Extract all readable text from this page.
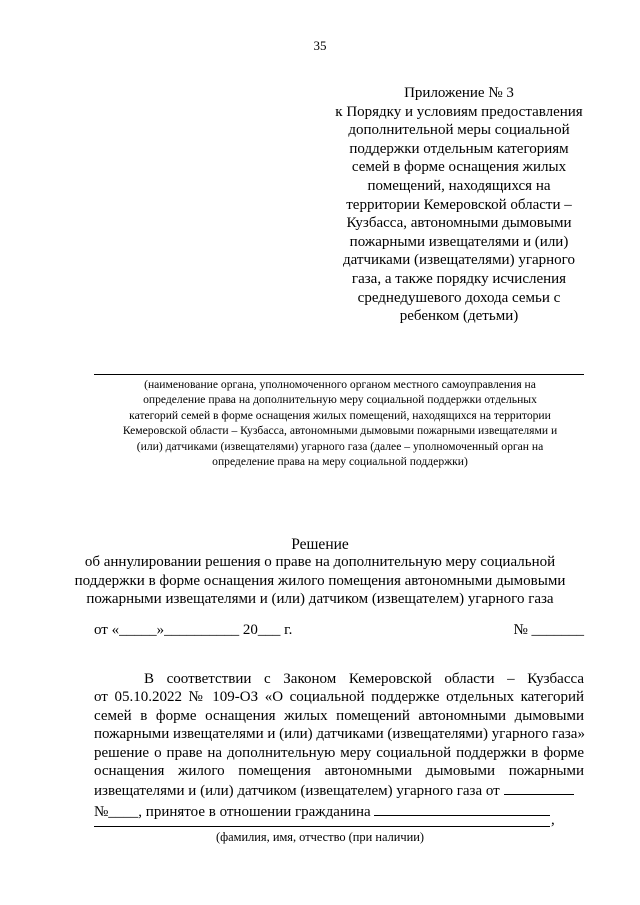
35
Приложение № 3
к Порядку и условиям предоставления
дополнительной меры социальной
поддержки отдельным категориям
семей в форме оснащения жилых
помещений, находящихся на
территории Кемеровской области –
Кузбасса, автономными дымовыми
пожарными извещателями и (или)
датчиками (извещателями) угарного
газа, а также порядку исчисления
среднедушевого дохода семьи с
ребенком (детьми)
(наименование органа, уполномоченного органом местного самоуправления на
определение права на дополнительную меру социальной поддержки отдельных
категорий семей в форме оснащения жилых помещений, находящихся на территории
Кемеровской области – Кузбасса, автономными дымовыми пожарными извещателями и
(или) датчиками (извещателями) угарного газа (далее – уполномоченный орган на
определение права на меру социальной поддержки)
Решение
об аннулировании решения о праве на дополнительную меру социальной
поддержки в форме оснащения жилого помещения автономными дымовыми
пожарными извещателями и (или) датчиком (извещателем) угарного газа
от «_____»__________ 20___ г.	№ _______
В соответствии с Законом Кемеровской области – Кузбасса
от 05.10.2022 № 109-ОЗ «О социальной поддержке отдельных категорий
семей в форме оснащения жилых помещений автономными дымовыми
пожарными извещателями и (или) датчиками (извещателями) угарного газа»
решение о праве на дополнительную меру социальной поддержки в форме
оснащения жилого помещения автономными дымовыми пожарными
извещателями и (или) датчиком (извещателем) угарного газа от
№____, принятое в отношении гражданина
,
(фамилия, имя, отчество (при наличии)
